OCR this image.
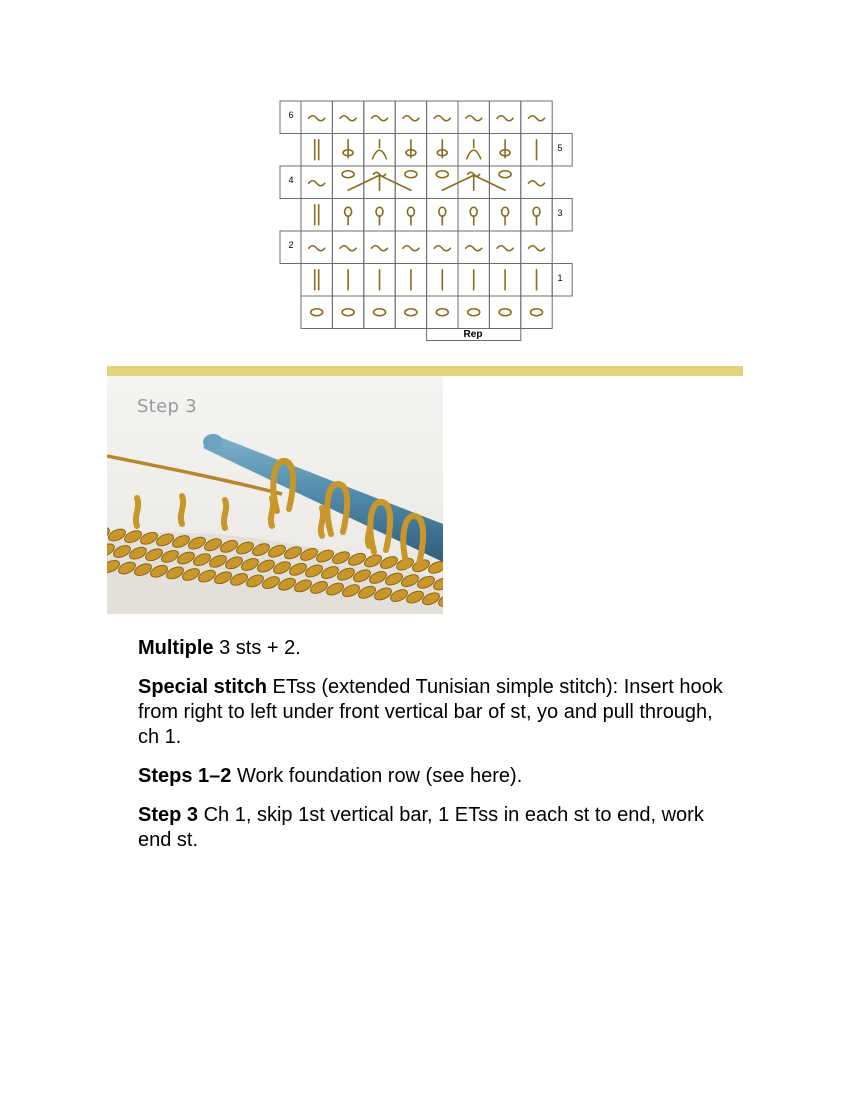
6
4
2
5
3
1
Rep
Step 3

Multiple 3 sts + 2.

Special stitch ETss (extended Tunisian simple stitch): Insert hook from right to left under front vertical bar of st, yo and pull through, ch 1.

Steps 1–2 Work foundation row (see here).

Step 3 Ch 1, skip 1st vertical bar, 1 ETss in each st to end, work end st.
